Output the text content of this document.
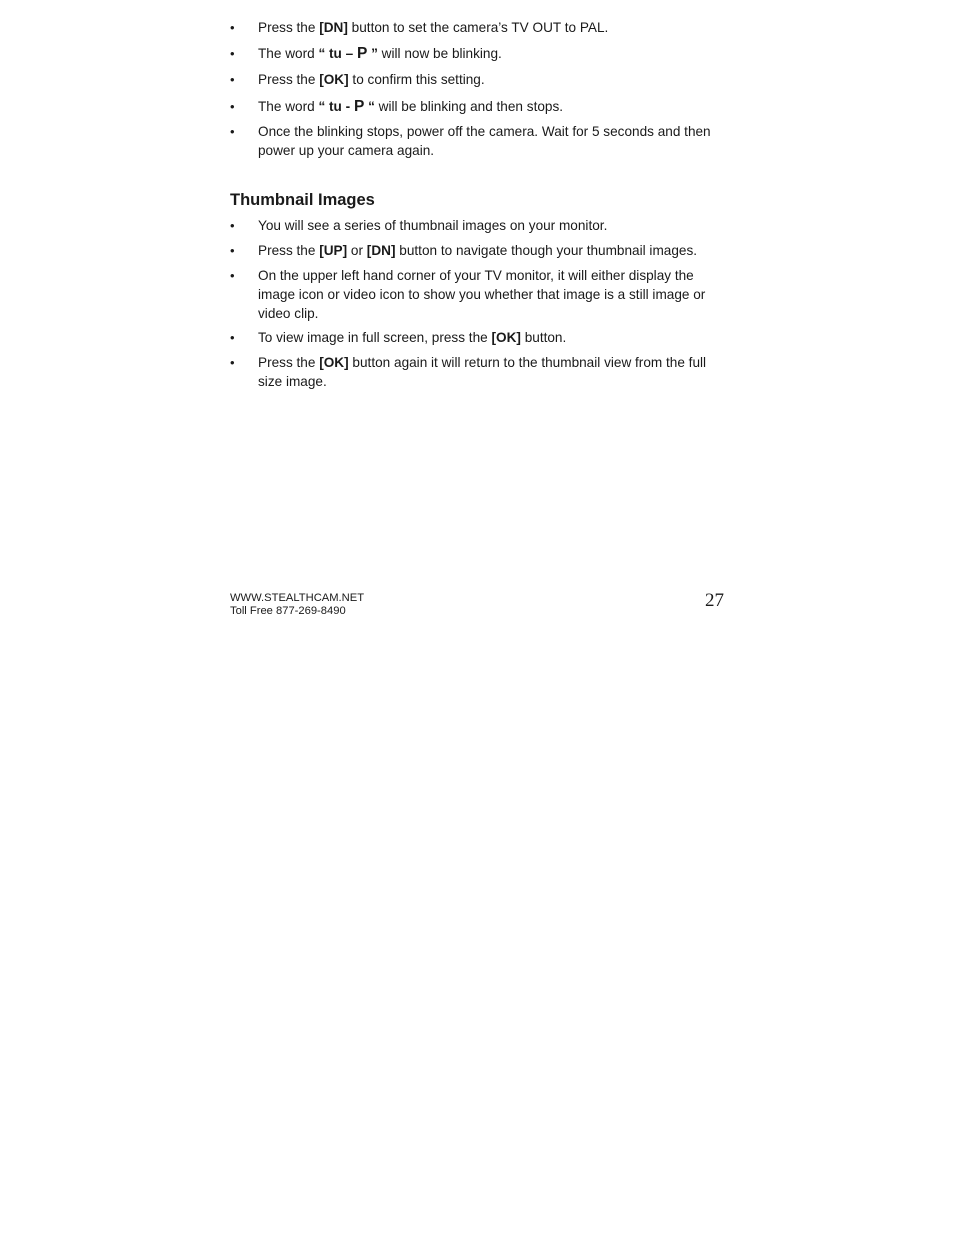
•	Press the [DN] button to set the camera’s TV OUT to PAL.
•	The word “ tu – P ” will now be blinking.
•	Press the [OK] to confirm this setting.
•	The word “ tu - P “ will be blinking and then stops.
•	Once the blinking stops, power off the camera. Wait for 5 seconds and then power up your camera again.
Thumbnail Images
•	You will see a series of thumbnail images on your monitor.
•	Press the [UP] or [DN] button to navigate though your thumbnail images.
•	On the upper left hand corner of your TV monitor, it will either display the image icon or video icon to show you whether that image is a still image or video clip.
•	To view image in full screen, press the [OK] button.
•	Press the [OK] button again it will return to the thumbnail view from the full size image.
WWW.STEALTHCAM.NET
Toll Free 877-269-8490	27
